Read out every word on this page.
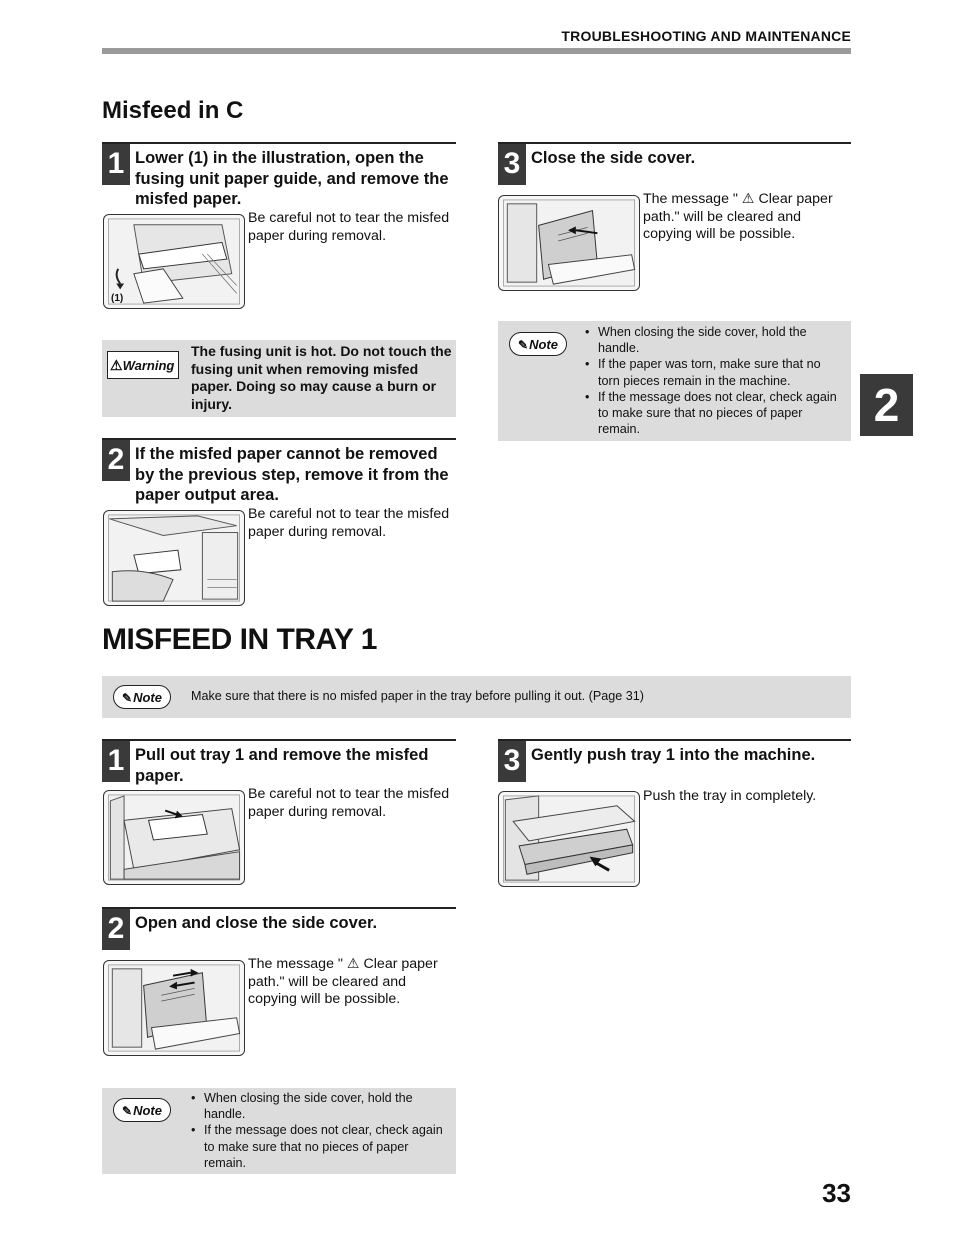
TROUBLESHOOTING AND MAINTENANCE
Misfeed in C
1 Lower (1) in the illustration, open the fusing unit paper guide, and remove the misfed paper.
(1)
Be careful not to tear the misfed paper during removal.
⚠Warning
The fusing unit is hot. Do not touch the fusing unit when removing misfed paper. Doing so may cause a burn or injury.
2 If the misfed paper cannot be removed by the previous step, remove it from the paper output area.
Be careful not to tear the misfed paper during removal.
3 Close the side cover.
The message " ⚠ Clear paper path." will be cleared and copying will be possible.
✎Note
• When closing the side cover, hold the handle.
• If the paper was torn, make sure that no torn pieces remain in the machine.
• If the message does not clear, check again to make sure that no pieces of paper remain.	2
MISFEED IN TRAY 1
✎Note	Make sure that there is no misfed paper in the tray before pulling it out. (Page 31)
1 Pull out tray 1 and remove the misfed paper.
Be careful not to tear the misfed paper during removal.
2 Open and close the side cover.
The message " ⚠ Clear paper path." will be cleared and copying will be possible.
✎Note
• When closing the side cover, hold the handle.
• If the message does not clear, check again to make sure that no pieces of paper remain.
3 Gently push tray 1 into the machine.
Push the tray in completely.
33
